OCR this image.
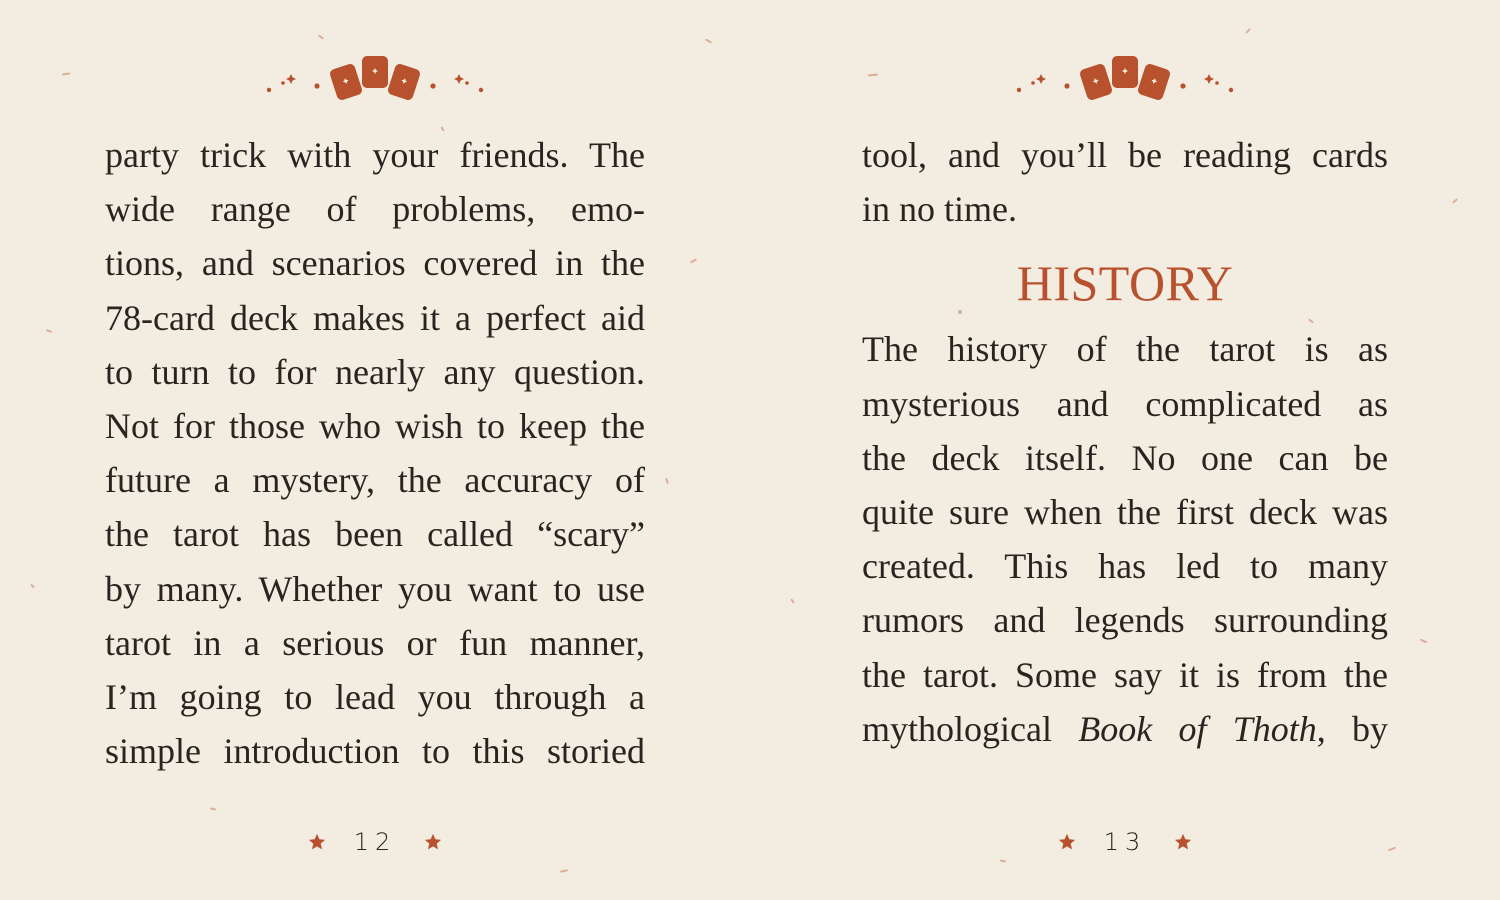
party trick with your friends. The
wide range of problems, emo-
tions, and scenarios covered in the
78-card deck makes it a perfect aid
to turn to for nearly any question.
Not for those who wish to keep the
future a mystery, the accuracy of
the tarot has been called “scary”
by many. Whether you want to use
tarot in a serious or fun manner,
I’m going to lead you through a
simple introduction to this storied
12
tool, and you’ll be reading cards
in no time.
HISTORY
The history of the tarot is as
mysterious and complicated as
the deck itself. No one can be
quite sure when the first deck was
created. This has led to many
rumors and legends surrounding
the tarot. Some say it is from the
mythological Book of Thoth, by
13
